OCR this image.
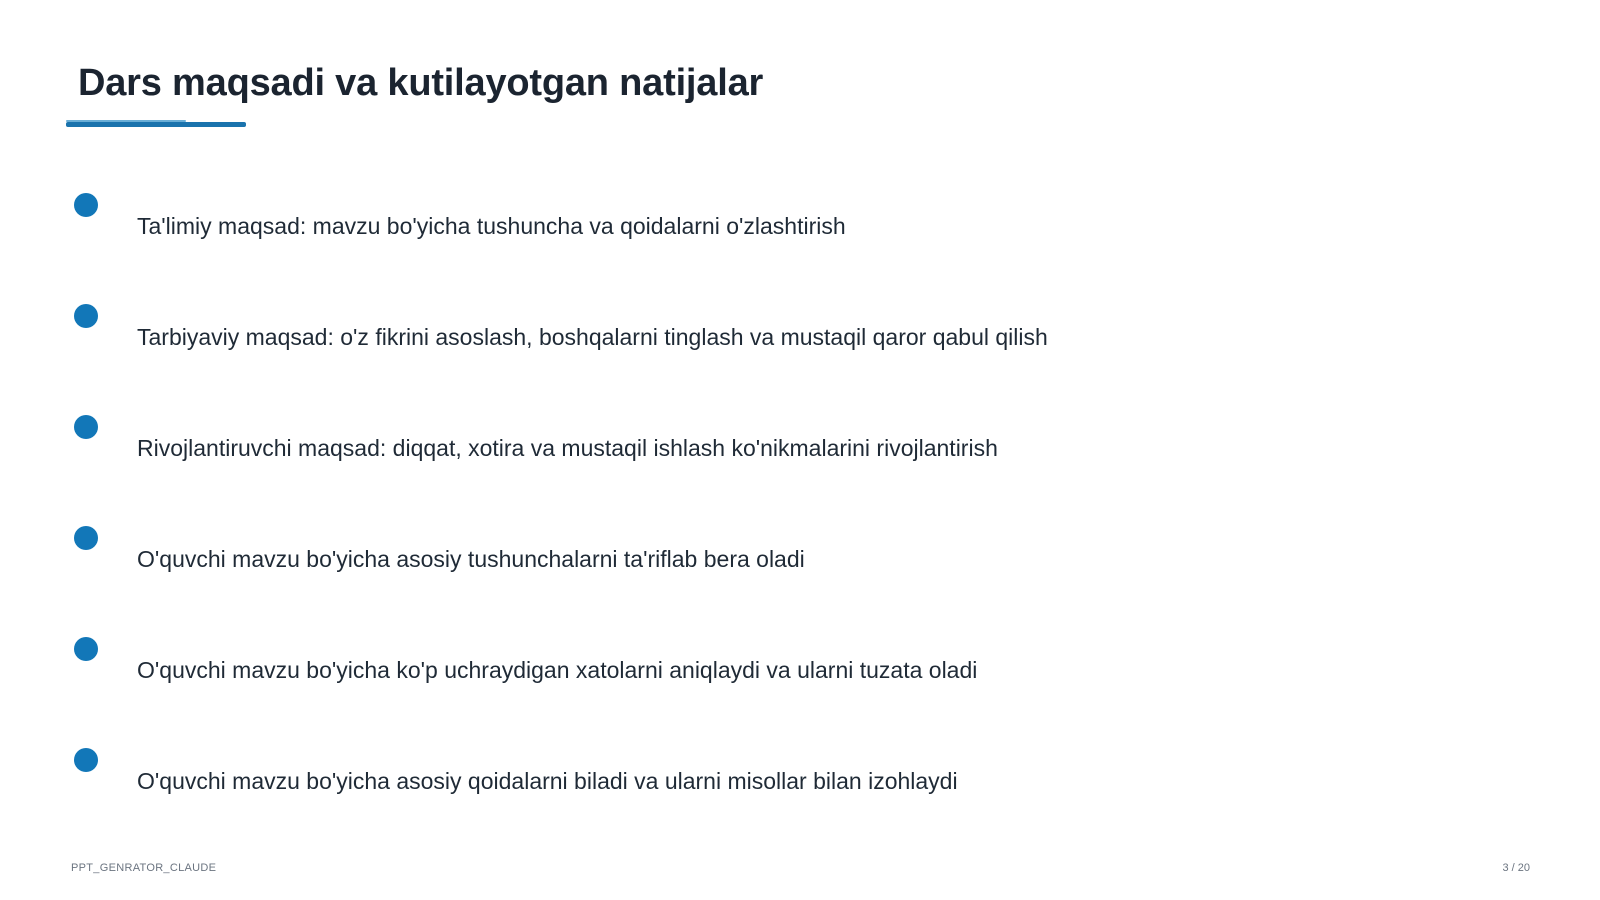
Dars maqsadi va kutilayotgan natijalar
Ta'limiy maqsad: mavzu bo'yicha tushuncha va qoidalarni o'zlashtirish
Tarbiyaviy maqsad: o'z fikrini asoslash, boshqalarni tinglash va mustaqil qaror qabul qilish
Rivojlantiruvchi maqsad: diqqat, xotira va mustaqil ishlash ko'nikmalarini rivojlantirish
O'quvchi mavzu bo'yicha asosiy tushunchalarni ta'riflab bera oladi
O'quvchi mavzu bo'yicha ko'p uchraydigan xatolarni aniqlaydi va ularni tuzata oladi
O'quvchi mavzu bo'yicha asosiy qoidalarni biladi va ularni misollar bilan izohlaydi
PPT_GENRATOR_CLAUDE	3 / 20
